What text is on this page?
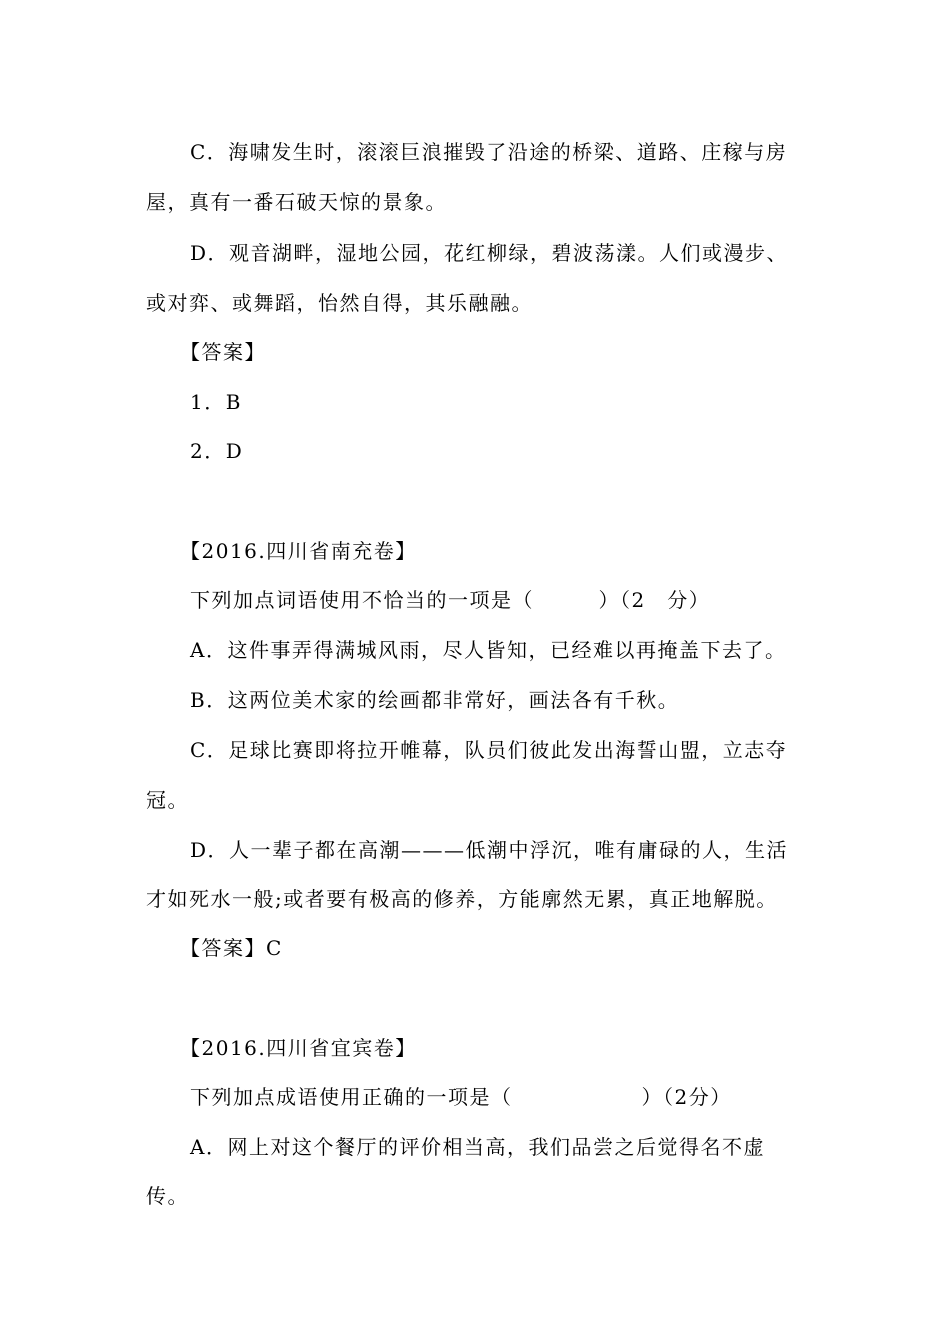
C．海啸发生时，滚滚巨浪摧毁了沿途的桥梁、道路、庄稼与房
屋，真有一番石破天惊的景象。
D．观音湖畔，湿地公园，花红柳绿，碧波荡漾。人们或漫步、
或对弈、或舞蹈，怡然自得，其乐融融。
【答案】
1．B
2．D
【2016.四川省南充卷】
下列加点词语使用不恰当的一项是（　　　）（2　分）
A．这件事弄得满城风雨，尽人皆知，已经难以再掩盖下去了。
B．这两位美术家的绘画都非常好，画法各有千秋。
C．足球比赛即将拉开帷幕，队员们彼此发出海誓山盟，立志夺
冠。
D．人一辈子都在高潮———低潮中浮沉，唯有庸碌的人，生活
才如死水一般;或者要有极高的修养，方能廓然无累，真正地解脱。
【答案】C
【2016.四川省宜宾卷】
下列加点成语使用正确的一项是（　　　　　　）（2分）
A．网上对这个餐厅的评价相当高，我们品尝之后觉得名不虚
传。
